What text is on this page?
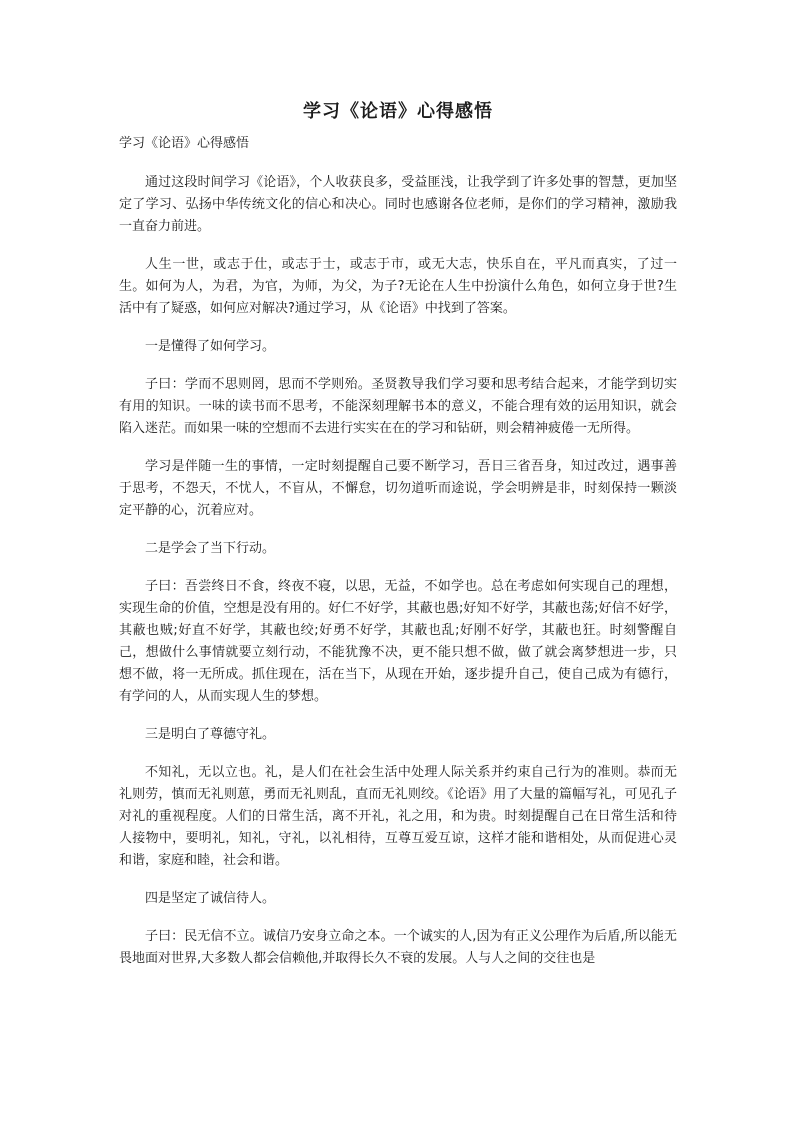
学习《论语》心得感悟
学习《论语》心得感悟

通过这段时间学习《论语》，个人收获良多，受益匪浅，让我学到了许多处事的智慧，更加坚定了学习、弘扬中华传统文化的信心和决心。同时也感谢各位老师，是你们的学习精神，激励我一直奋力前进。

人生一世，或志于仕，或志于士，或志于市，或无大志，快乐自在，平凡而真实，了过一生。如何为人，为君，为官，为师，为父，为子?无论在人生中扮演什么角色，如何立身于世?生活中有了疑惑，如何应对解决?通过学习，从《论语》中找到了答案。

一是懂得了如何学习。

子曰：学而不思则罔，思而不学则殆。圣贤教导我们学习要和思考结合起来，才能学到切实有用的知识。一味的读书而不思考，不能深刻理解书本的意义，不能合理有效的运用知识，就会陷入迷茫。而如果一味的空想而不去进行实实在在的学习和钻研，则会精神疲倦一无所得。

学习是伴随一生的事情，一定时刻提醒自己要不断学习，吾日三省吾身，知过改过，遇事善于思考，不怨天，不忧人，不盲从，不懈怠，切勿道听而途说，学会明辨是非，时刻保持一颗淡定平静的心，沉着应对。

二是学会了当下行动。

子曰：吾尝终日不食，终夜不寝，以思，无益，不如学也。总在考虑如何实现自己的理想，实现生命的价值，空想是没有用的。好仁不好学，其蔽也愚;好知不好学，其蔽也荡;好信不好学，其蔽也贼;好直不好学，其蔽也绞;好勇不好学，其蔽也乱;好刚不好学，其蔽也狂。时刻警醒自己，想做什么事情就要立刻行动，不能犹豫不决，更不能只想不做，做了就会离梦想进一步，只想不做，将一无所成。抓住现在，活在当下，从现在开始，逐步提升自己，使自己成为有德行，有学问的人，从而实现人生的梦想。

三是明白了尊德守礼。

不知礼，无以立也。礼，是人们在社会生活中处理人际关系并约束自己行为的准则。恭而无礼则劳，慎而无礼则葸，勇而无礼则乱，直而无礼则绞。《论语》用了大量的篇幅写礼，可见孔子对礼的重视程度。人们的日常生活，离不开礼，礼之用，和为贵。时刻提醒自己在日常生活和待人接物中，要明礼，知礼，守礼，以礼相待，互尊互爱互谅，这样才能和谐相处，从而促进心灵和谐，家庭和睦，社会和谐。

四是坚定了诚信待人。

子曰：民无信不立。诚信乃安身立命之本。一个诚实的人,因为有正义公理作为后盾,所以能无畏地面对世界,大多数人都会信赖他,并取得长久不衰的发展。人与人之间的交往也是
